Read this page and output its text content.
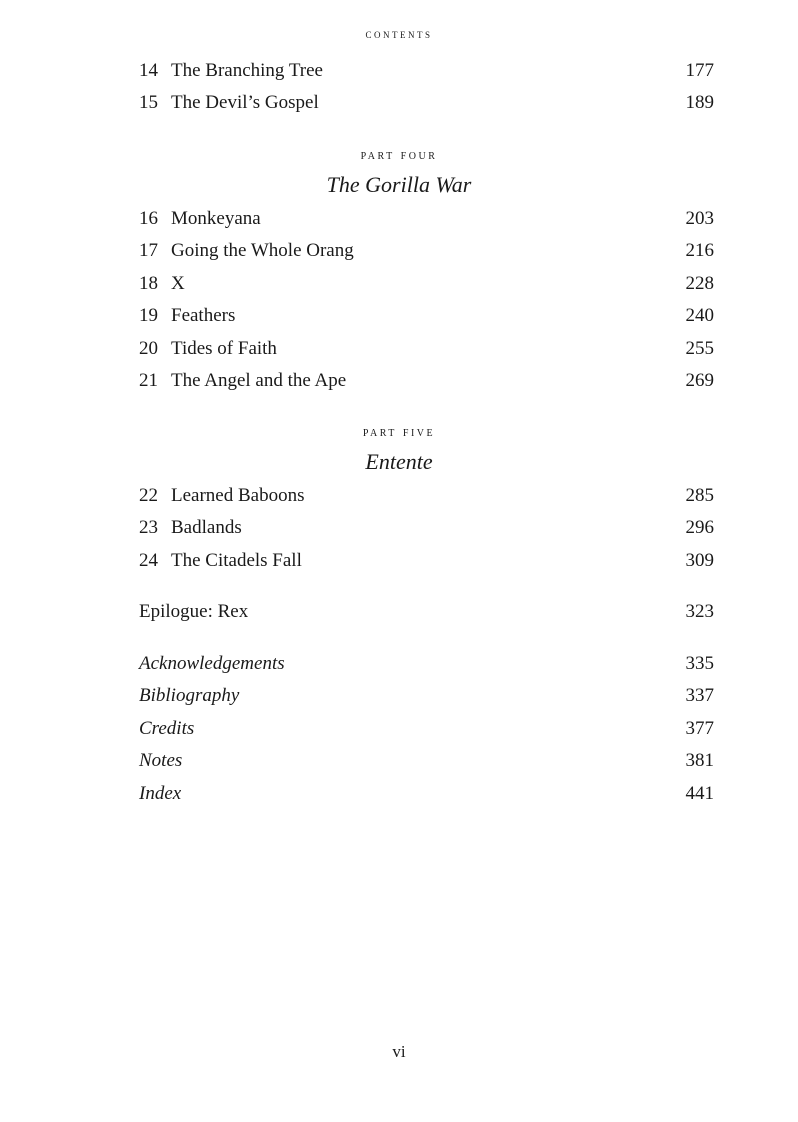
contents
14 The Branching Tree	177
15 The Devil’s Gospel	189
part four
The Gorilla War
16 Monkeyana	203
17 Going the Whole Orang	216
18 X	228
19 Feathers	240
20 Tides of Faith	255
21 The Angel and the Ape	269
part five
Entente
22 Learned Baboons	285
23 Badlands	296
24 The Citadels Fall	309
Epilogue: Rex	323
Acknowledgements	335
Bibliography	337
Credits	377
Notes	381
Index	441
vi
